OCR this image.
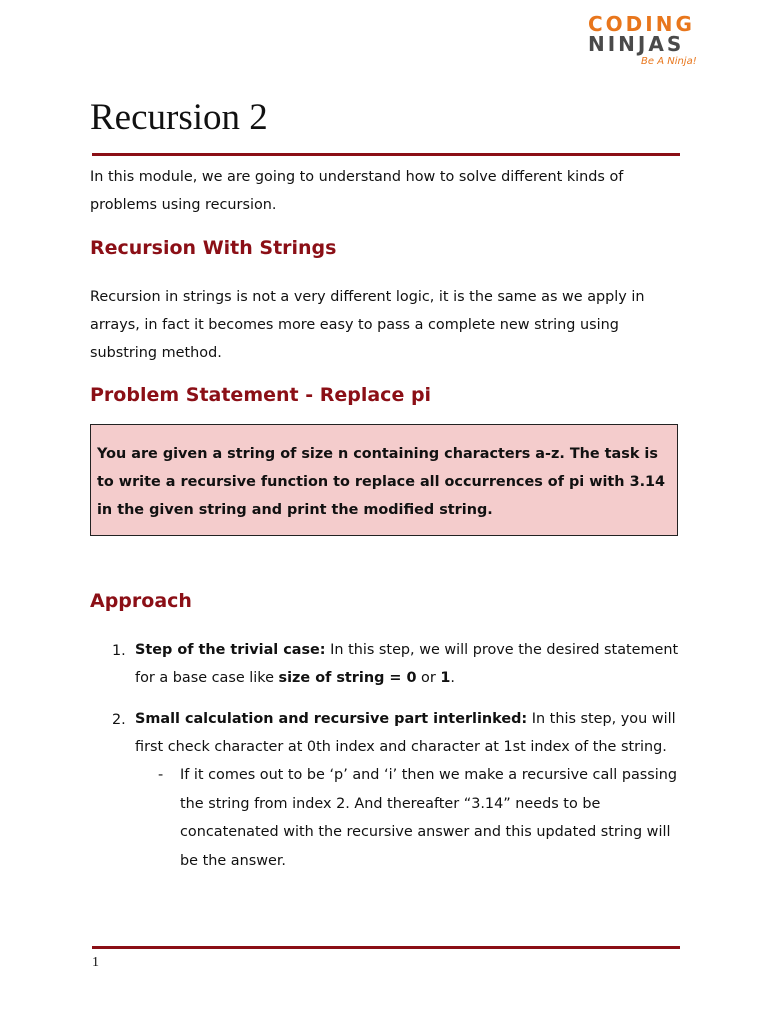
CODING
NINJAS
Be A Ninja!
Recursion 2
In this module, we are going to understand how to solve different kinds of problems using recursion.
Recursion With Strings
Recursion in strings is not a very different logic, it is the same as we apply in arrays, in fact it becomes more easy to pass a complete new string using substring method.
Problem Statement - Replace pi
You are given a string of size n containing characters a-z. The task is to write a recursive function to replace all occurrences of pi with 3.14 in the given string and print the modified string.
Approach
1. Step of the trivial case: In this step, we will prove the desired statement for a base case like size of string = 0 or 1.
2. Small calculation and recursive part interlinked: In this step, you will first check character at 0th index and character at 1st index of the string.
- If it comes out to be ‘p’ and ‘i’ then we make a recursive call passing the string from index 2. And thereafter “3.14” needs to be concatenated with the recursive answer and this updated string will be the answer.
1
